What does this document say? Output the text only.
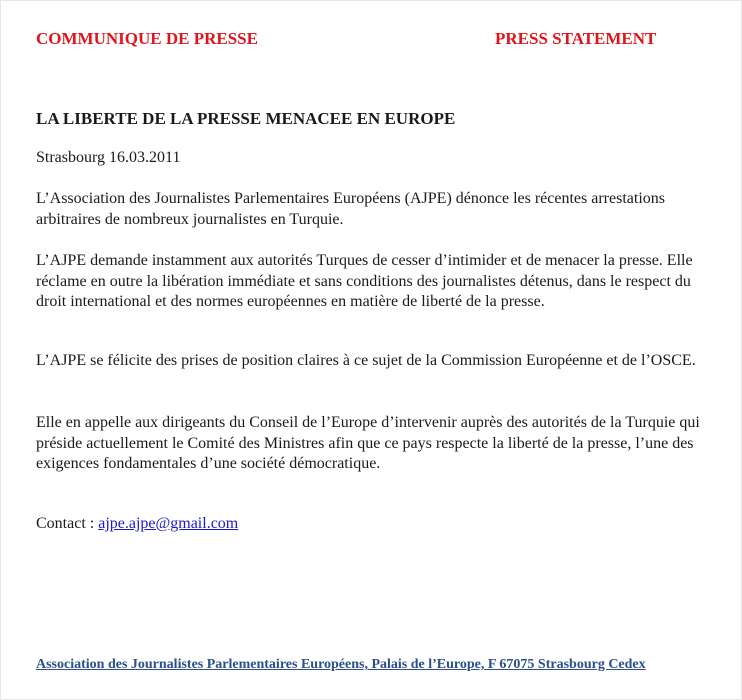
COMMUNIQUE DE PRESSE	PRESS STATEMENT
LA LIBERTE DE LA PRESSE MENACEE EN EUROPE
Strasbourg 16.03.2011

L’Association des Journalistes Parlementaires Européens (AJPE) dénonce les récentes arrestations arbitraires de nombreux journalistes en Turquie.

L’AJPE demande instamment aux autorités Turques de cesser d’intimider et de menacer la presse. Elle réclame en outre la libération immédiate et sans conditions des journalistes détenus, dans le respect du droit international et des normes européennes en matière de liberté de la presse.

L’AJPE se félicite des prises de position claires à ce sujet de la Commission Européenne et de l’OSCE.

Elle en appelle aux dirigeants du Conseil de l’Europe d’intervenir auprès des autorités de la Turquie qui préside actuellement le Comité des Ministres afin que ce pays respecte la liberté de la presse, l’une des exigences fondamentales d’une société démocratique.

Contact : ajpe.ajpe@gmail.com
Association des Journalistes Parlementaires Européens, Palais de l’Europe, F 67075 Strasbourg Cedex
